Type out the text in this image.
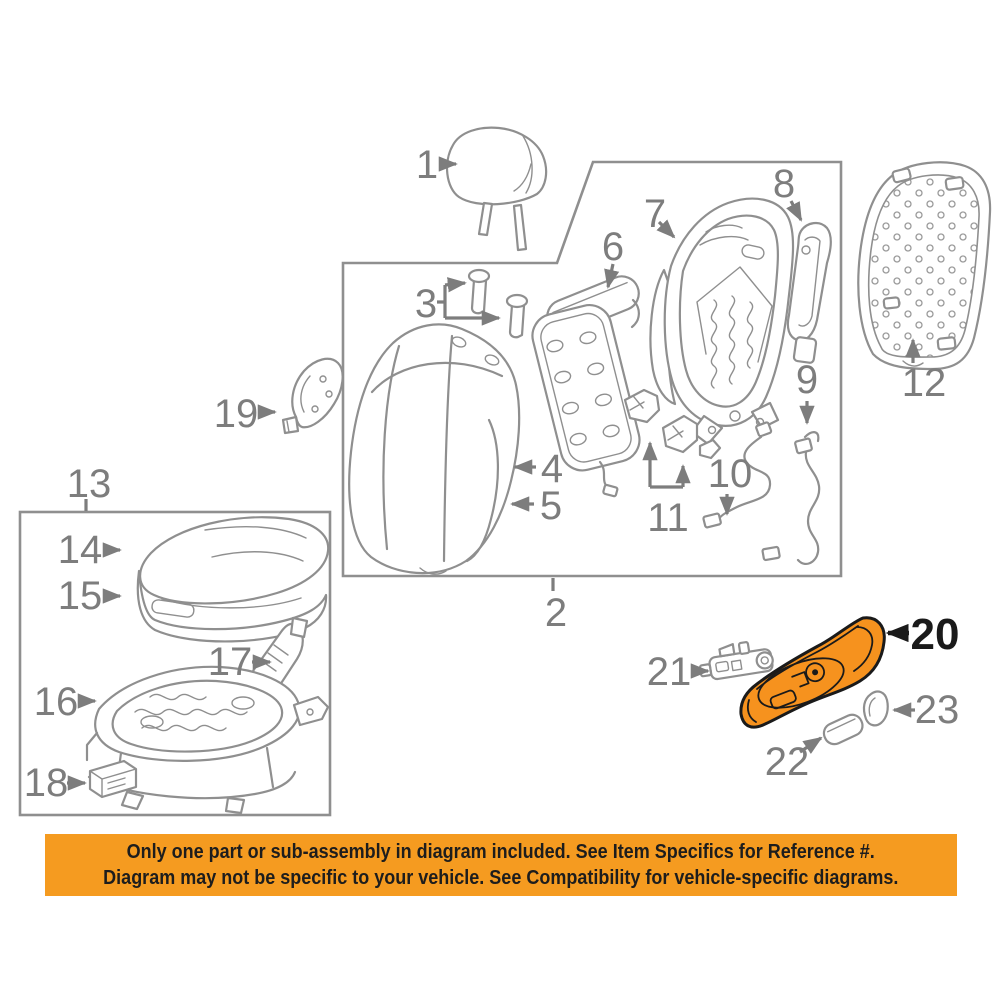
1
2
3
4
5
6
7
8
9
10
11
12
13
14
15
16
17
18
19
20
21
22
23
Only one part or sub-assembly in diagram included. See Item Specifics for Reference #.
Diagram may not be specific to your vehicle. See Compatibility for vehicle-specific diagrams.
